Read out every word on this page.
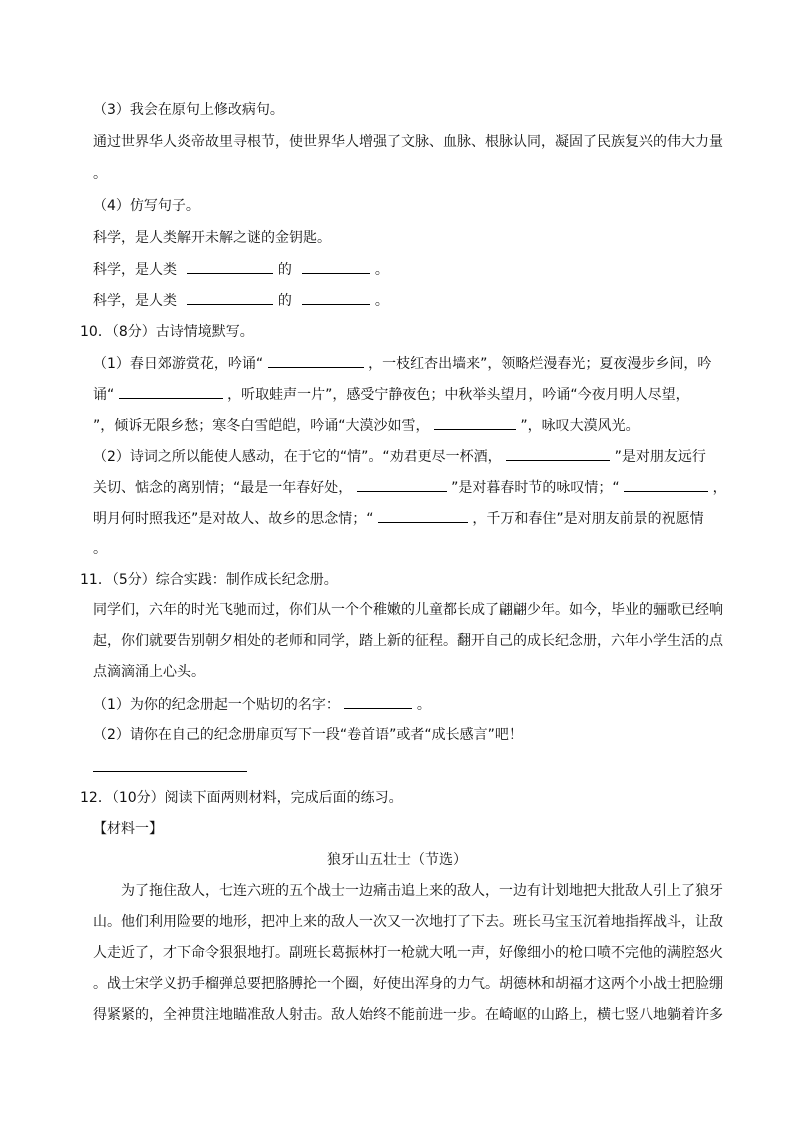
（3）我会在原句上修改病句。
通过世界华人炎帝故里寻根节，使世界华人增强了文脉、血脉、根脉认同，凝固了民族复兴的伟大力量
。
（4）仿写句子。
科学，是人类解开未解之谜的金钥匙。
科学，是人类	的	。
科学，是人类	的	。
10．（8分）古诗情境默写。
（1）春日郊游赏花，吟诵“	，一枝红杏出墙来”，领略烂漫春光；夏夜漫步乡间，吟
诵“	，听取蛙声一片”，感受宁静夜色；中秋举头望月，吟诵“今夜月明人尽望，
”，倾诉无限乡愁；寒冬白雪皑皑，吟诵“大漠沙如雪，	”，咏叹大漠风光。
（2）诗词之所以能使人感动，在于它的“情”。“劝君更尽一杯酒，	”是对朋友远行
关切、惦念的离别情；“最是一年春好处，	”是对暮春时节的咏叹情；“	，
明月何时照我还”是对故人、故乡的思念情；“	，千万和春住”是对朋友前景的祝愿情
。
11．（5分）综合实践：制作成长纪念册。
同学们，六年的时光飞驰而过，你们从一个个稚嫩的儿童都长成了翩翩少年。如今，毕业的骊歌已经响
起，你们就要告别朝夕相处的老师和同学，踏上新的征程。翻开自己的成长纪念册，六年小学生活的点
点滴滴涌上心头。
（1）为你的纪念册起一个贴切的名字：	。
（2）请你在自己的纪念册扉页写下一段“卷首语”或者“成长感言”吧！
12．（10分）阅读下面两则材料，完成后面的练习。
【材料一】
狼牙山五壮士（节选）
为了拖住敌人，七连六班的五个战士一边痛击追上来的敌人，一边有计划地把大批敌人引上了狼牙
山。他们利用险要的地形，把冲上来的敌人一次又一次地打了下去。班长马宝玉沉着地指挥战斗，让敌
人走近了，才下命令狠狠地打。副班长葛振林打一枪就大吼一声，好像细小的枪口喷不完他的满腔怒火
。战士宋学义扔手榴弹总要把胳膊抡一个圈，好使出浑身的力气。胡德林和胡福才这两个小战士把脸绷
得紧紧的，全神贯注地瞄准敌人射击。敌人始终不能前进一步。在崎岖的山路上，横七竖八地躺着许多
